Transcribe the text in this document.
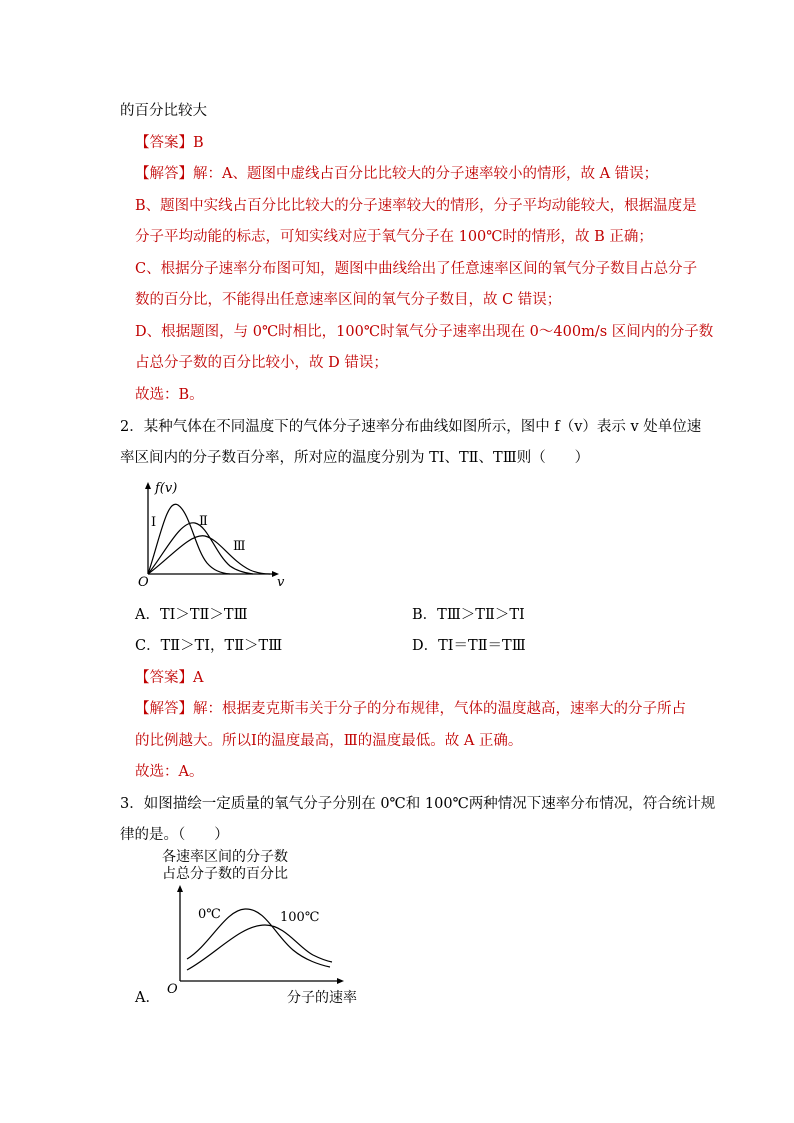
的百分比较大
【答案】B
【解答】解：A、题图中虚线占百分比比较大的分子速率较小的情形，故 A 错误；
B、题图中实线占百分比比较大的分子速率较大的情形，分子平均动能较大，根据温度是
分子平均动能的标志，可知实线对应于氧气分子在 100℃时的情形，故 B 正确；
C、根据分子速率分布图可知，题图中曲线给出了任意速率区间的氧气分子数目占总分子
数的百分比，不能得出任意速率区间的氧气分子数目，故 C 错误；
D、根据题图，与 0℃时相比，100℃时氧气分子速率出现在 0～400m/s 区间内的分子数
占总分子数的百分比较小，故 D 错误；
故选：B。
2．某种气体在不同温度下的气体分子速率分布曲线如图所示，图中 f（v）表示 v 处单位速
率区间内的分子数百分率，所对应的温度分别为 TⅠ、TⅡ、TⅢ则（　　）
f(v)
Ⅰ	Ⅱ
Ⅲ
O	v
A．TⅠ＞TⅡ＞TⅢ	B．TⅢ＞TⅡ＞TⅠ
C．TⅡ＞TⅠ，TⅡ＞TⅢ	D．TⅠ＝TⅡ＝TⅢ
【答案】A
【解答】解：根据麦克斯韦关于分子的分布规律，气体的温度越高，速率大的分子所占
的比例越大。所以Ⅰ的温度最高，Ⅲ的温度最低。故 A 正确。
故选：A。
3．如图描绘一定质量的氧气分子分别在 0℃和 100℃两种情况下速率分布情况，符合统计规
律的是。（　　）
各速率区间的分子数
占总分子数的百分比
0℃	100℃
O
分子的速率
A．
